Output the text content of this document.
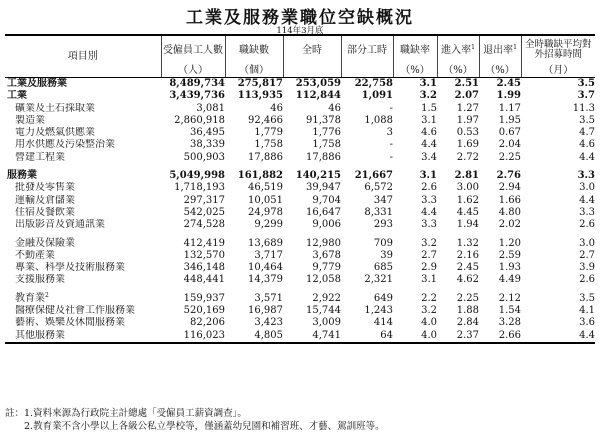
工業及服務業職位空缺概況
114年3月底
項目別	受僱員工人數	職缺數	全時	部分工時	職缺率	進入率$^1$	退出率$^1$	全時職缺平均對外招募時間
	（人）	（個）			（%）	（%）	（%）	（月）
工業及服務業	8,489,734	275,817	253,059	22,758	3.1	2.51	2.45	3.5
工業	3,439,736	113,935	112,844	1,091	3.2	2.07	1.99	3.7
礦業及土石採取業	3,081	46	46	-	1.5	1.27	1.17	11.3
製造業	2,860,918	92,466	91,378	1,088	3.1	1.97	1.95	3.5
電力及燃氣供應業	36,495	1,779	1,776	3	4.6	0.53	0.67	4.7
用水供應及污染整治業	38,339	1,758	1,758	-	4.4	1.69	2.04	4.6
營建工程業	500,903	17,886	17,886	-	3.4	2.72	2.25	4.4
服務業	5,049,998	161,882	140,215	21,667	3.1	2.81	2.76	3.3
批發及零售業	1,718,193	46,519	39,947	6,572	2.6	3.00	2.94	3.0
運輸及倉儲業	297,317	10,051	9,704	347	3.3	1.62	1.66	4.4
住宿及餐飲業	542,025	24,978	16,647	8,331	4.4	4.45	4.80	3.3
出版影音及資通訊業	274,528	9,299	9,006	293	3.3	1.94	2.02	2.6
金融及保險業	412,419	13,689	12,980	709	3.2	1.32	1.20	3.0
不動產業	132,570	3,717	3,678	39	2.7	2.16	2.59	2.7
專業、科學及技術服務業	346,148	10,464	9,779	685	2.9	2.45	1.93	3.9
支援服務業	448,441	14,379	12,058	2,321	3.1	4.62	4.49	2.6
教育業$^2$	159,937	3,571	2,922	649	2.2	2.25	2.12	3.5
醫療保健及社會工作服務業	520,169	16,987	15,744	1,243	3.2	1.88	1.54	4.1
藝術、娛樂及休閒服務業	82,206	3,423	3,009	414	4.0	2.84	3.28	3.6
其他服務業	116,023	4,805	4,741	64	4.0	2.37	2.66	4.4
註：1.資料來源為行政院主計總處「受僱員工薪資調查」。
　　2.教育業不含小學以上各級公私立學校等，僅涵蓋幼兒園和補習班、才藝、駕訓班等。
